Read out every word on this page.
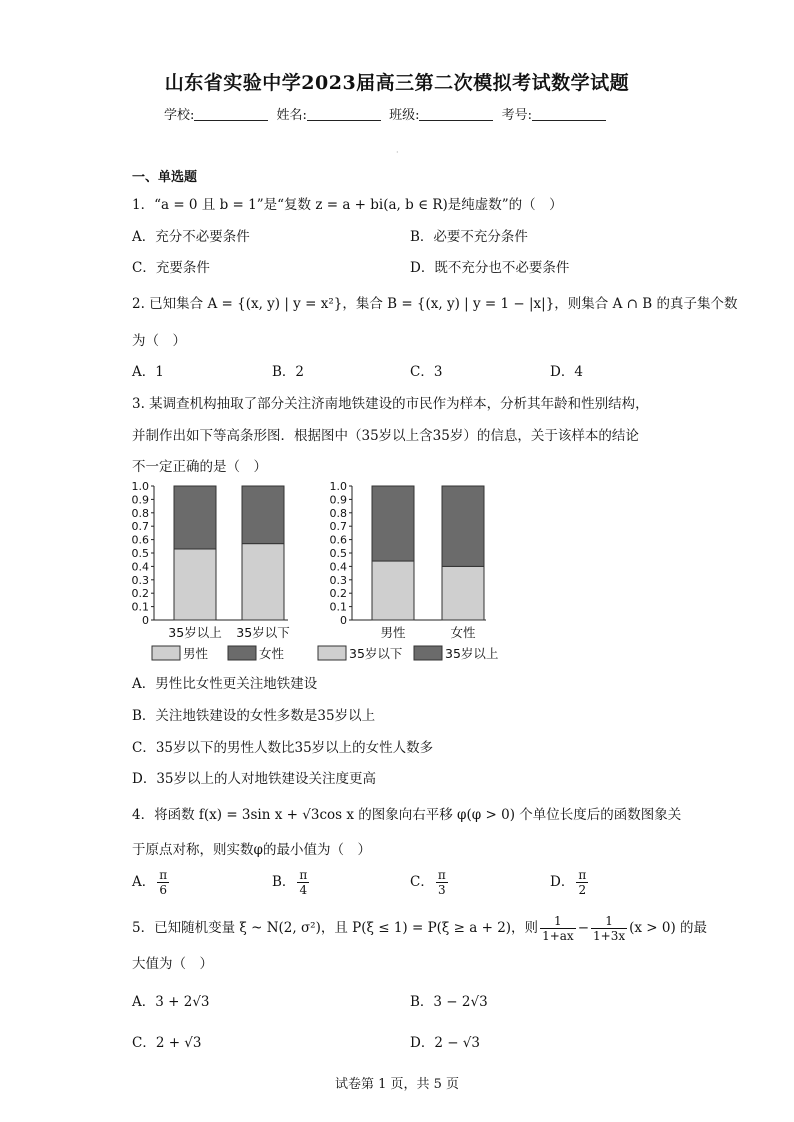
山东省实验中学2023届高三第二次模拟考试数学试题
学校:	姓名:	班级:	考号:
·
一、单选题
1．“a = 0 且 b = 1”是“复数 z = a + bi(a, b ∈ R)是纯虚数”的（　）
A．充分不必要条件	B．必要不充分条件
C．充要条件	D．既不充分也不必要条件
2. 已知集合 A = {(x, y) | y = x²}，集合 B = {(x, y) | y = 1 − |x|}，则集合 A ∩ B 的真子集个数
为（　）
A．1	B．2	C．3	D．4
3. 某调查机构抽取了部分关注济南地铁建设的市民作为样本，分析其年龄和性别结构，
并制作出如下等高条形图．根据图中（35岁以上含35岁）的信息，关于该样本的结论
不一定正确的是（　）
0
0.1
0.2
0.3
0.4
0.5
0.6
0.7
0.8
0.9
1.0
35岁以上 35岁以下
0
0.1
0.2
0.3
0.4
0.5
0.6
0.7
0.8
0.9
1.0
男性	女性
男性	女性	35岁以下	35岁以上
A．男性比女性更关注地铁建设
B．关注地铁建设的女性多数是35岁以上
C．35岁以下的男性人数比35岁以上的女性人数多
D．35岁以上的人对地铁建设关注度更高
4．将函数 f(x) = 3sin x + √3cos x 的图象向右平移 φ(φ > 0) 个单位长度后的函数图象关
于原点对称，则实数φ的最小值为（　）
A． $\frac{\pi}{6}$	B． $\frac{\pi}{4}$	C． $\frac{\pi}{3}$	D． $\frac{\pi}{2}$
5．已知随机变量 ξ ~ N(2, σ²)，且 P(ξ ≤ 1) = P(ξ ≥ a + 2)，则 $\frac{1}{1+ax} - \frac{1}{1+3x} (x > 0)$ 的最
大值为（　）
A．3 + 2√3	B．3 − 2√3
C．2 + √3	D．2 − √3
试卷第 1 页，共 5 页
